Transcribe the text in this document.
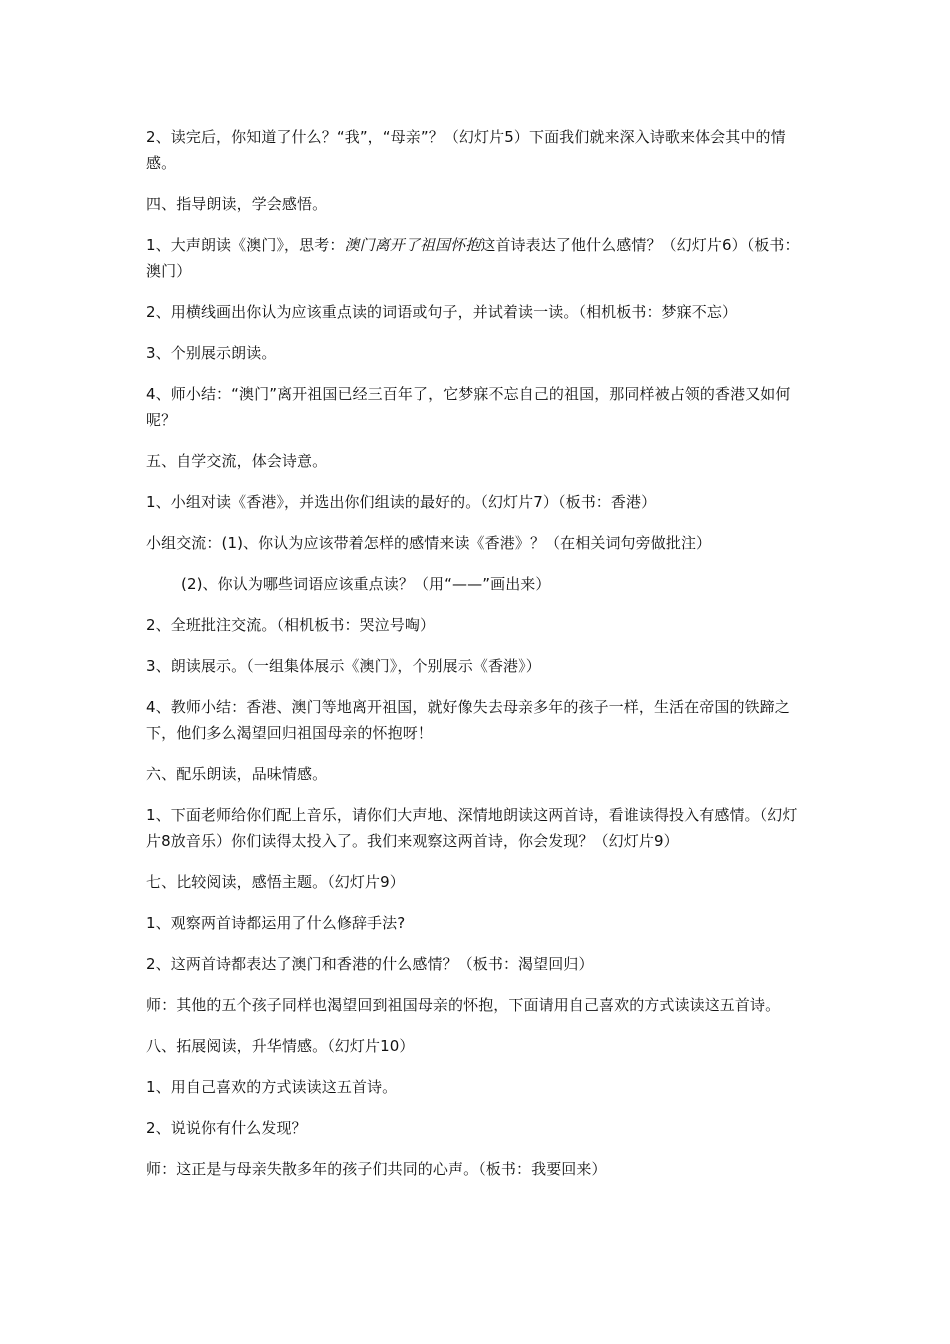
2、读完后，你知道了什么？“我”，“母亲”？（幻灯片5）下面我们就来深入诗歌来体会其中的情感。

四、指导朗读，学会感悟。

1、大声朗读《澳门》，思考：澳门离开了祖国怀抱这首诗表达了他什么感情？（幻灯片6）（板书：澳门）

2、用横线画出你认为应该重点读的词语或句子，并试着读一读。（相机板书：梦寐不忘）

3、个别展示朗读。

4、师小结：“澳门”离开祖国已经三百年了，它梦寐不忘自己的祖国，那同样被占领的香港又如何呢？

五、自学交流，体会诗意。

1、小组对读《香港》，并选出你们组读的最好的。（幻灯片7）（板书：香港）

小组交流：(1)、你认为应该带着怎样的感情来读《香港》？（在相关词句旁做批注）

(2)、你认为哪些词语应该重点读？（用“——”画出来）

2、全班批注交流。（相机板书：哭泣号啕）

3、朗读展示。（一组集体展示《澳门》，个别展示《香港》）

4、教师小结：香港、澳门等地离开祖国，就好像失去母亲多年的孩子一样，生活在帝国的铁蹄之下，他们多么渴望回归祖国母亲的怀抱呀！

六、配乐朗读，品味情感。

1、下面老师给你们配上音乐，请你们大声地、深情地朗读这两首诗，看谁读得投入有感情。（幻灯片8放音乐）你们读得太投入了。我们来观察这两首诗，你会发现？（幻灯片9）

七、比较阅读，感悟主题。（幻灯片9）

1、观察两首诗都运用了什么修辞手法?

2、这两首诗都表达了澳门和香港的什么感情？（板书：渴望回归）

师：其他的五个孩子同样也渴望回到祖国母亲的怀抱，下面请用自己喜欢的方式读读这五首诗。

八、拓展阅读，升华情感。（幻灯片10）

1、用自己喜欢的方式读读这五首诗。

2、说说你有什么发现？

师：这正是与母亲失散多年的孩子们共同的心声。（板书：我要回来）
